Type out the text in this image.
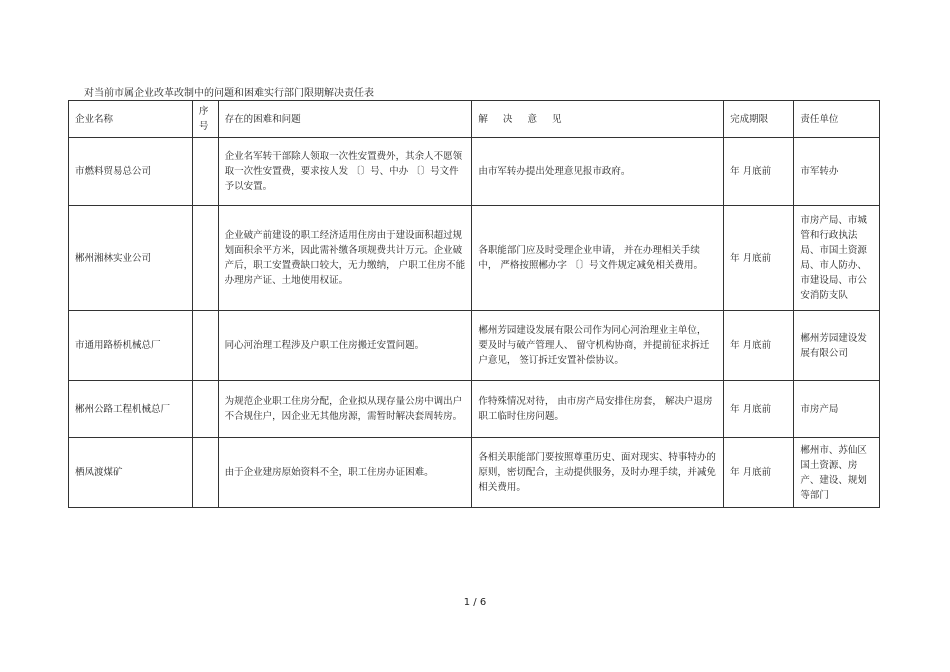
对当前市属企业改革改制中的问题和困难实行部门限期解决责任表
企业名称	序号	存在的困难和问题	解 决 意 见	完成期限	责任单位
市燃料贸易总公司		企业名军转干部除人领取一次性安置费外，其余人不愿领取一次性安置费，要求按人发 〔〕号、中办 〔〕号文件予以安置。	由市军转办提出处理意见报市政府。	年 月底前	市军转办
郴州湘林实业公司		企业破产前建设的职工经济适用住房由于建设面积超过规划面积余平方米，因此需补缴各项规费共计万元。企业破产后，职工安置费缺口较大，无力缴纳， 户职工住房不能办理房产证、土地使用权证。	各职能部门应及时受理企业申请， 并在办理相关手续中， 严格按照郴办字 〔〕号文件规定减免相关费用。	年 月底前	市房产局、市城管和行政执法局、市国土资源局、市人防办、市建设局、市公安消防支队
市通用路桥机械总厂		同心河治理工程涉及户职工住房搬迁安置问题。	郴州芳园建设发展有限公司作为同心河治理业主单位， 要及时与破产管理人、 留守机构协商，并提前征求拆迁户意见， 签订拆迁安置补偿协议。	年 月底前	郴州芳园建设发展有限公司
郴州公路工程机械总厂		为规范企业职工住房分配，企业拟从现存量公房中调出户不合规住户，因企业无其他房源，需暂时解决套周转房。	作特殊情况对待， 由市房产局安排住房套， 解决户退房职工临时住房问题。	年 月底前	市房产局
栖凤渡煤矿		由于企业建房原始资料不全，职工住房办证困难。	各相关职能部门要按照尊重历史、面对现实、特事特办的原则，密切配合，主动提供服务，及时办理手续，并减免相关费用。	年 月底前	郴州市、苏仙区国土资源、房产、建设、规划等部门
1 / 6
